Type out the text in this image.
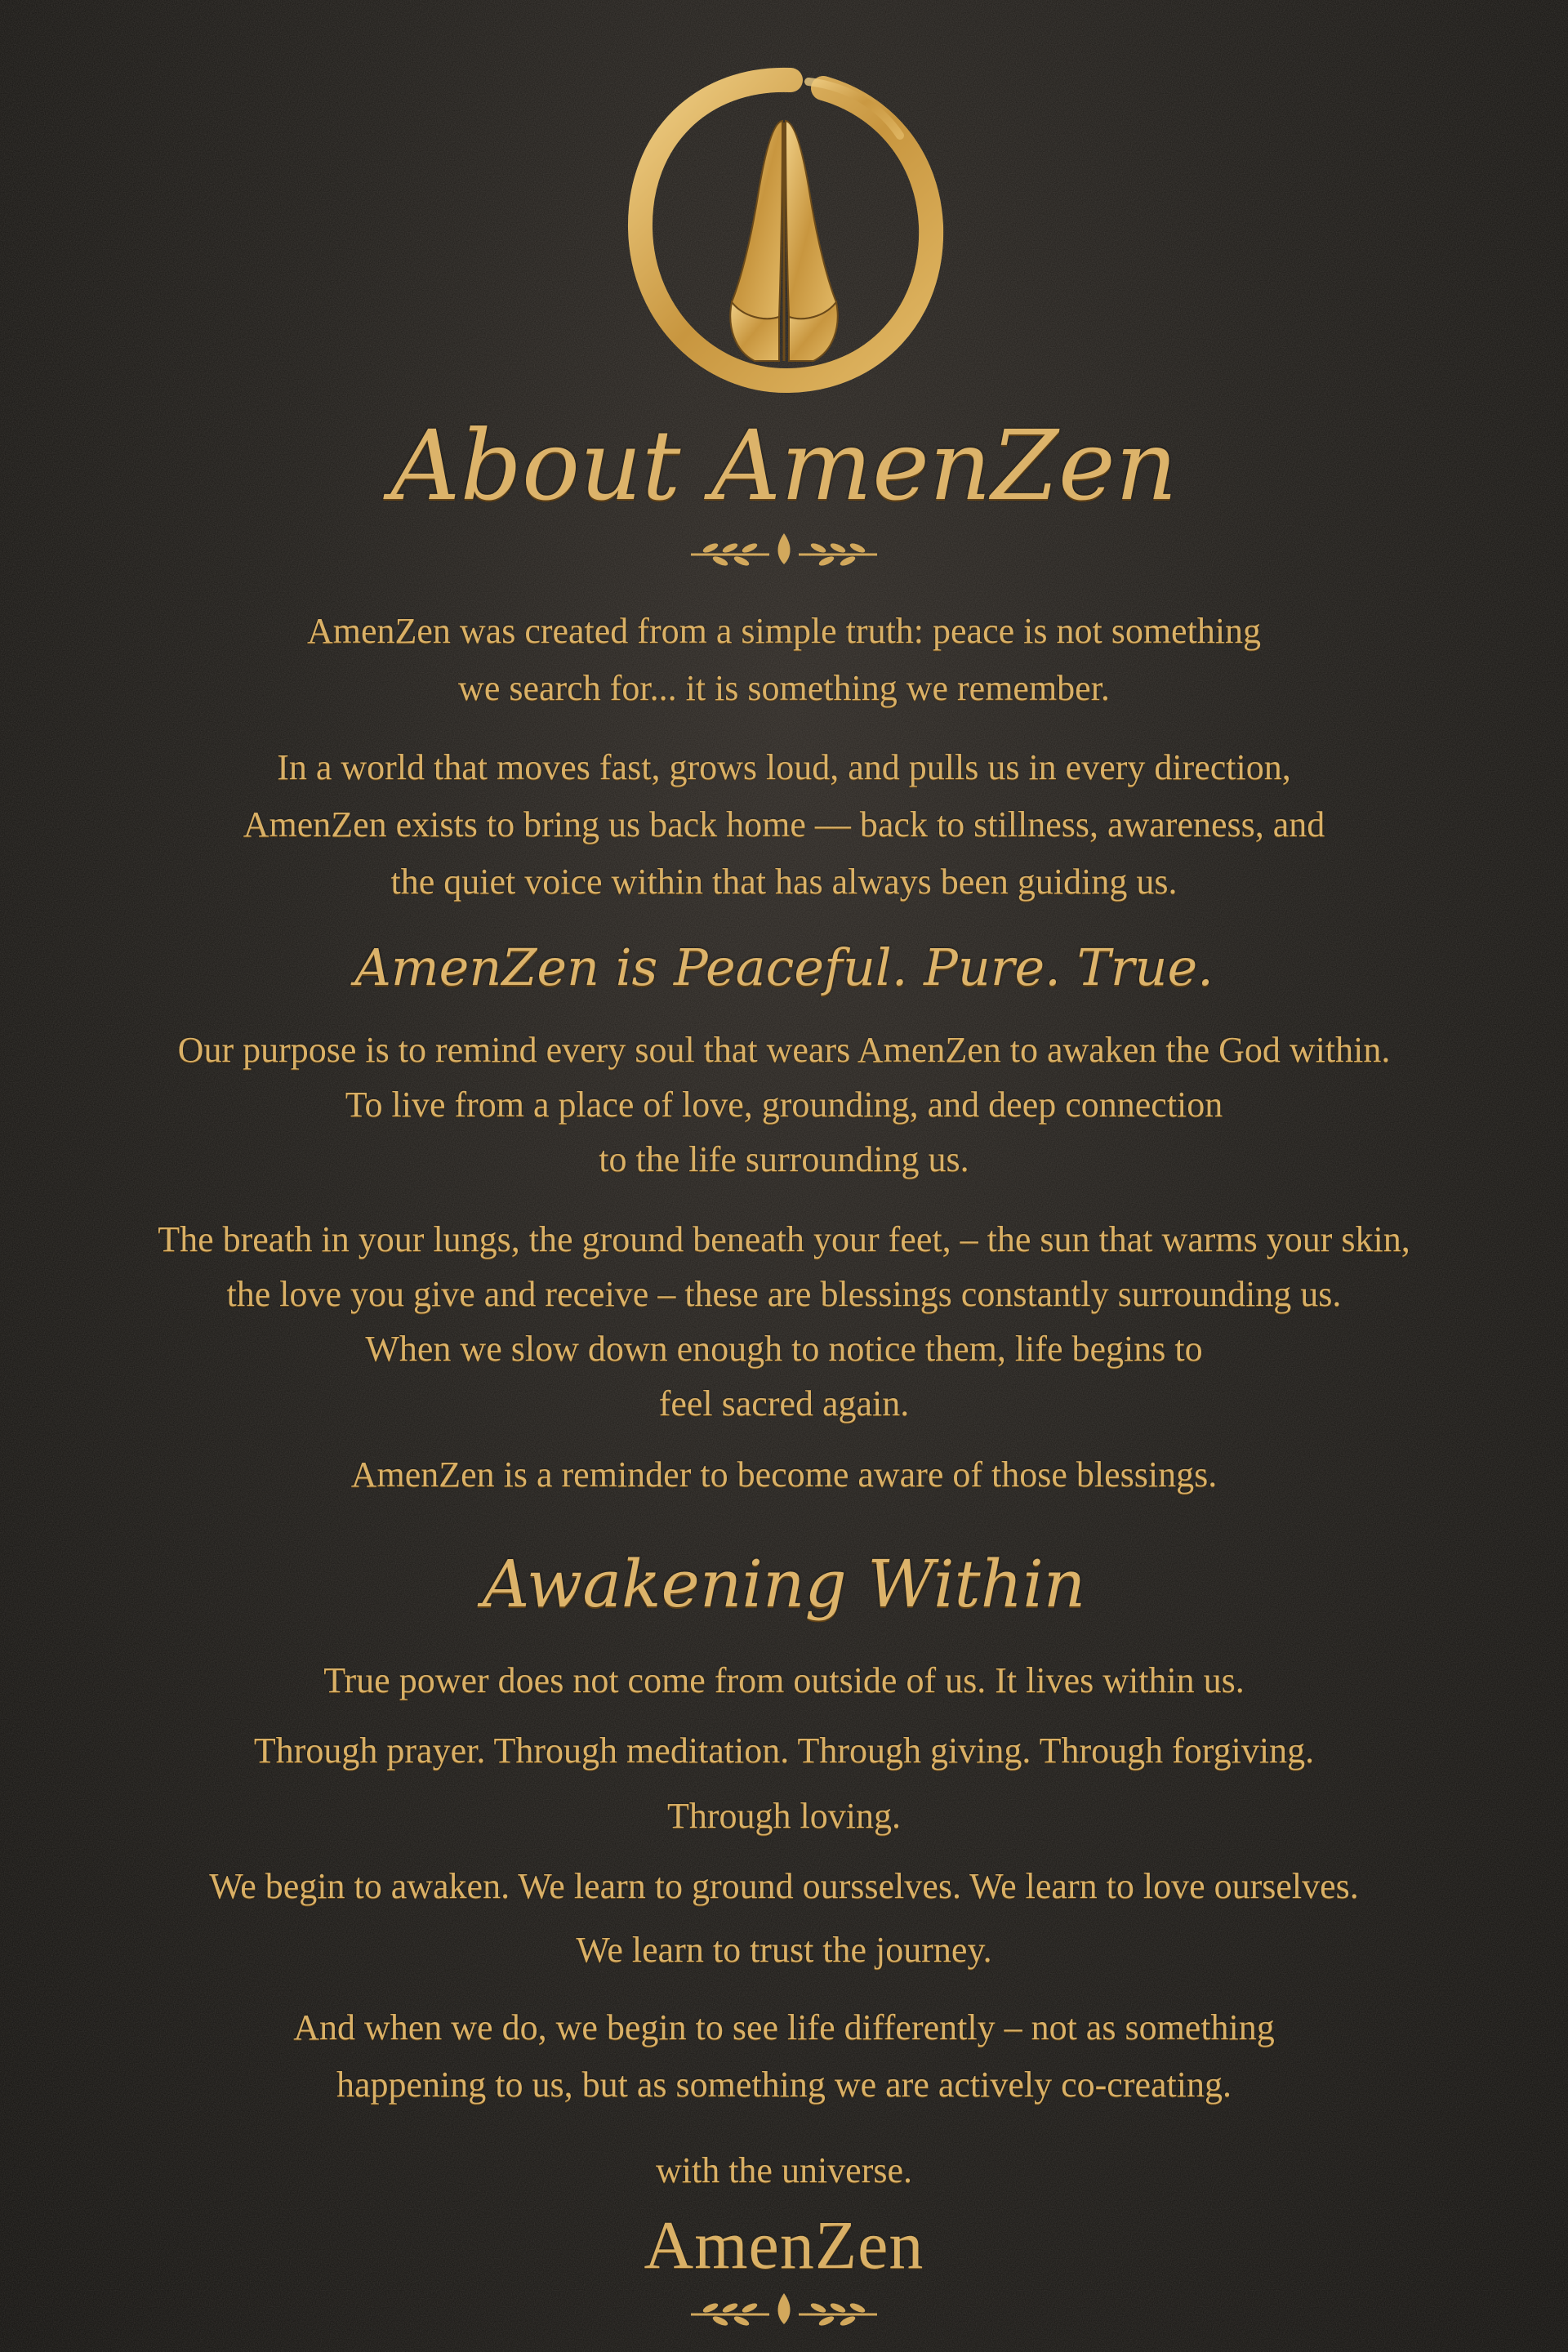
About AmenZen
AmenZen was created from a simple truth: peace is not something
we search for... it is something we remember.
In a world that moves fast, grows loud, and pulls us in every direction,
AmenZen exists to bring us back home — back to stillness, awareness, and
the quiet voice within that has always been guiding us.
AmenZen is Peaceful. Pure. True.
Our purpose is to remind every soul that wears AmenZen to awaken the God within.
To live from a place of love, grounding, and deep connection
to the life surrounding us.
The breath in your lungs, the ground beneath your feet, – the sun that warms your skin,
the love you give and receive – these are blessings constantly surrounding us.
When we slow down enough to notice them, life begins to
feel sacred again.
AmenZen is a reminder to become aware of those blessings.
Awakening Within
True power does not come from outside of us. It lives within us.
Through prayer. Through meditation. Through giving. Through forgiving.
Through loving.
We begin to awaken. We learn to ground oursselves. We learn to love ourselves.
We learn to trust the journey.
And when we do, we begin to see life differently – not as something
happening to us, but as something we are actively co-creating.
with the universe.
AmenZen
